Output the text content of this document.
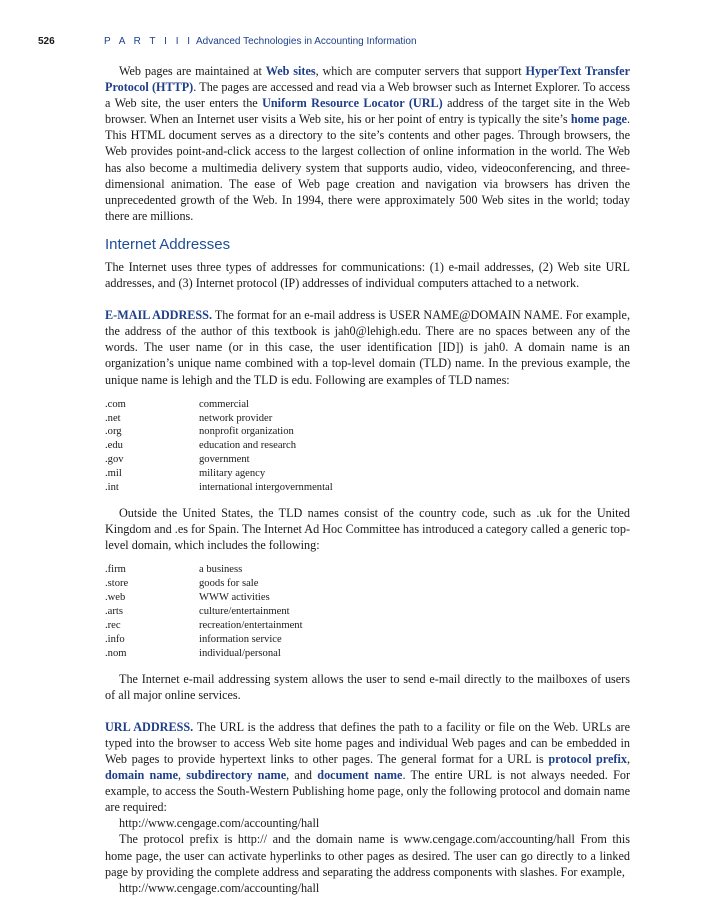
526	P A R T I I I Advanced Technologies in Accounting Information

Web pages are maintained at Web sites, which are computer servers that support HyperText Transfer Protocol (HTTP). The pages are accessed and read via a Web browser such as Internet Explorer. To access a Web site, the user enters the Uniform Resource Locator (URL) address of the target site in the Web browser. When an Internet user visits a Web site, his or her point of entry is typically the site’s home page. This HTML document serves as a directory to the site’s contents and other pages. Through browsers, the Web provides point-and-click access to the largest collection of online information in the world. The Web has also become a multimedia delivery system that supports audio, video, videoconferencing, and three-dimensional animation. The ease of Web page creation and navigation via browsers has driven the unprecedented growth of the Web. In 1994, there were approximately 500 Web sites in the world; today there are millions.

Internet Addresses

The Internet uses three types of addresses for communications: (1) e-mail addresses, (2) Web site URL addresses, and (3) Internet protocol (IP) addresses of individual computers attached to a network.

E-MAIL ADDRESS. The format for an e-mail address is USER NAME@DOMAIN NAME. For example, the address of the author of this textbook is jah0@lehigh.edu. There are no spaces between any of the words. The user name (or in this case, the user identification [ID]) is jah0. A domain name is an organization’s unique name combined with a top-level domain (TLD) name. In the previous example, the unique name is lehigh and the TLD is edu. Following are examples of TLD names:

.com	commercial
.net	network provider
.org	nonprofit organization
.edu	education and research
.gov	government
.mil	military agency
.int	international intergovernmental

Outside the United States, the TLD names consist of the country code, such as .uk for the United Kingdom and .es for Spain. The Internet Ad Hoc Committee has introduced a category called a generic top-level domain, which includes the following:

.firm	a business
.store	goods for sale
.web	WWW activities
.arts	culture/entertainment
.rec	recreation/entertainment
.info	information service
.nom	individual/personal

The Internet e-mail addressing system allows the user to send e-mail directly to the mailboxes of users of all major online services.

URL ADDRESS. The URL is the address that defines the path to a facility or file on the Web. URLs are typed into the browser to access Web site home pages and individual Web pages and can be embedded in Web pages to provide hypertext links to other pages. The general format for a URL is protocol prefix, domain name, subdirectory name, and document name. The entire URL is not always needed. For example, to access the South-Western Publishing home page, only the following protocol and domain name are required:

http://www.cengage.com/accounting/hall

The protocol prefix is http:// and the domain name is www.cengage.com/accounting/hall From this home page, the user can activate hyperlinks to other pages as desired. The user can go directly to a linked page by providing the complete address and separating the address components with slashes. For example,

http://www.cengage.com/accounting/hall
